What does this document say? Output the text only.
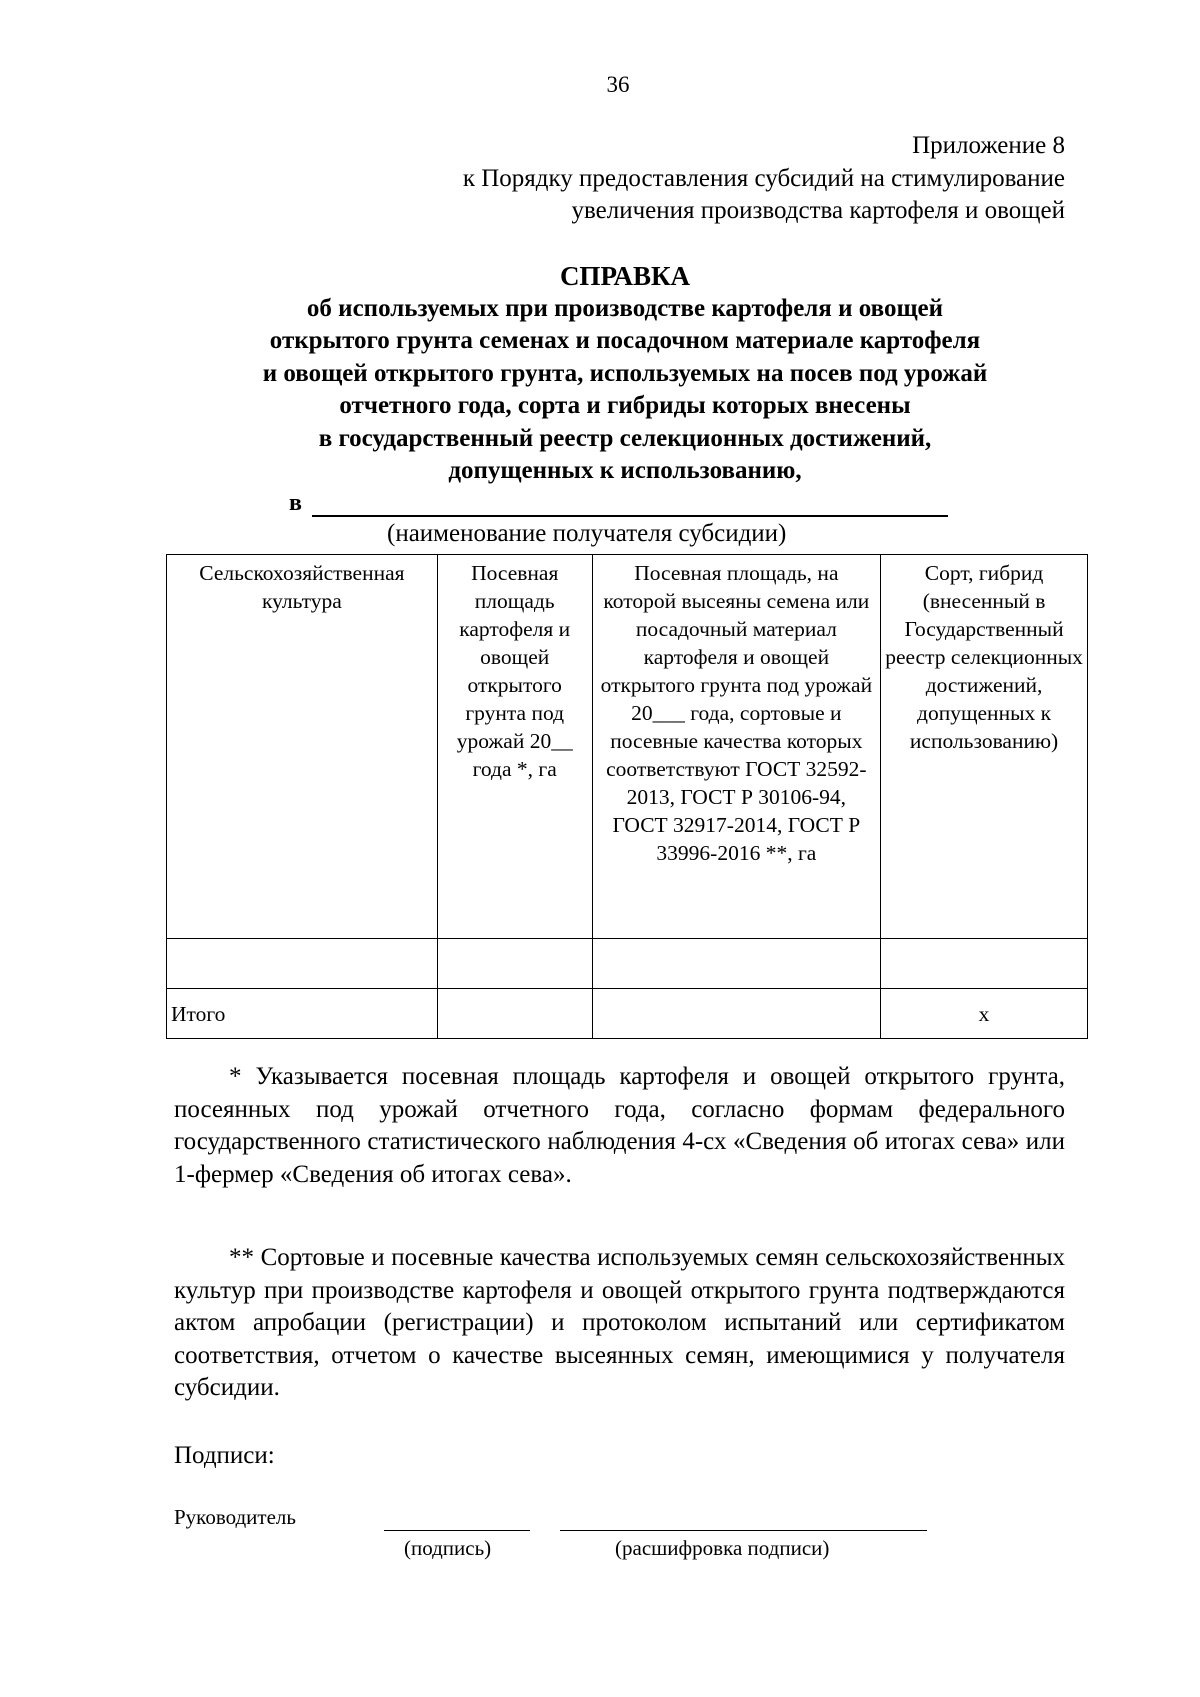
36
Приложение 8
к Порядку предоставления субсидий на стимулирование
увеличения производства картофеля и овощей
СПРАВКА
об используемых при производстве картофеля и овощей
открытого грунта семенах и посадочном материале картофеля
и овощей открытого грунта, используемых на посев под урожай
отчетного года, сорта и гибриды которых внесены
в государственный реестр селекционных достижений,
допущенных к использованию,
в
(наименование получателя субсидии)
Сельскохозяйственная культура	Посевная площадь картофеля и овощей открытого грунта под урожай 20__ года *, га	Посевная площадь, на которой высеяны семена или посадочный материал картофеля и овощей открытого грунта под урожай 20___ года, сортовые и посевные качества которых соответствуют ГОСТ 32592-2013, ГОСТ Р 30106-94, ГОСТ 32917-2014, ГОСТ Р 33996-2016 **, га	Сорт, гибрид (внесенный в Государственный реестр селекционных достижений, допущенных к использованию)

Итого			х

* Указывается посевная площадь картофеля и овощей открытого грунта, посеянных под урожай отчетного года, согласно формам федерального государственного статистического наблюдения 4-сх «Сведения об итогах сева» или 1-фермер «Сведения об итогах сева».

** Сортовые и посевные качества используемых семян сельскохозяйственных культур при производстве картофеля и овощей открытого грунта подтверждаются актом апробации (регистрации) и протоколом испытаний или сертификатом соответствия, отчетом о качестве высеянных семян, имеющимися у получателя субсидии.

Подписи:
Руководитель
(подпись)	(расшифровка подписи)
